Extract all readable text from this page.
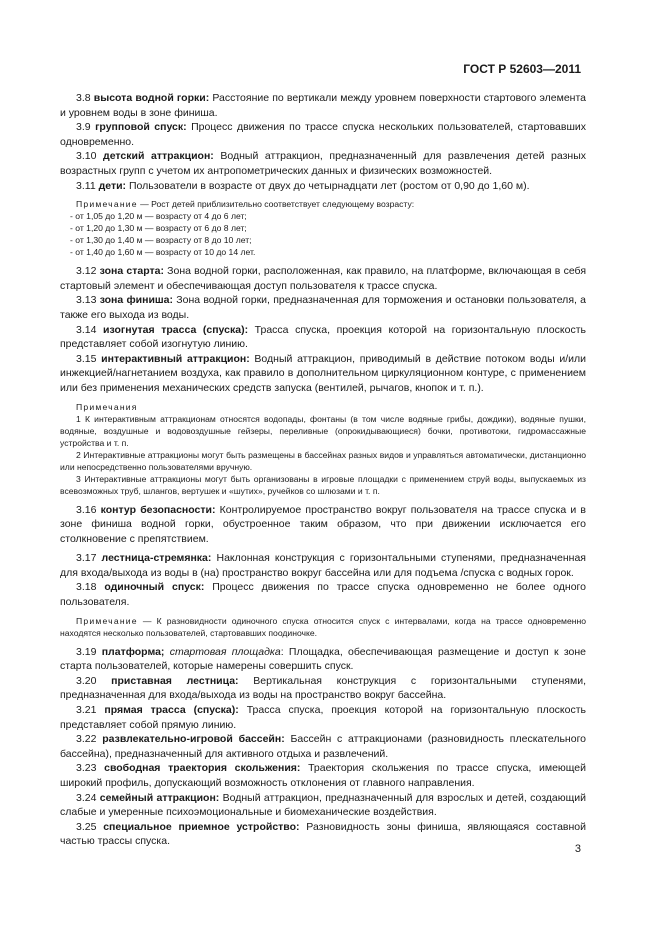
ГОСТ Р 52603—2011

3.8 высота водной горки: Расстояние по вертикали между уровнем поверхности стартового элемента и уровнем воды в зоне финиша.

3.9 групповой спуск: Процесс движения по трассе спуска нескольких пользователей, стартовавших одновременно.

3.10 детский аттракцион: Водный аттракцион, предназначенный для развлечения детей разных возрастных групп с учетом их антропометрических данных и физических возможностей.

3.11 дети: Пользователи в возрасте от двух до четырнадцати лет (ростом от 0,90 до 1,60 м).

Примечание — Рост детей приблизительно соответствует следующему возрасту:

- от 1,05 до 1,20 м — возрасту от 4 до 6 лет;
- от 1,20 до 1,30 м — возрасту от 6 до 8 лет;
- от 1,30 до 1,40 м — возрасту от 8 до 10 лет;
- от 1,40 до 1,60 м — возрасту от 10 до 14 лет.

3.12 зона старта: Зона водной горки, расположенная, как правило, на платформе, включающая в себя стартовый элемент и обеспечивающая доступ пользователя к трассе спуска.

3.13 зона финиша: Зона водной горки, предназначенная для торможения и остановки пользователя, а также его выхода из воды.

3.14 изогнутая трасса (спуска): Трасса спуска, проекция которой на горизонтальную плоскость представляет собой изогнутую линию.

3.15 интерактивный аттракцион: Водный аттракцион, приводимый в действие потоком воды и/или инжекцией/нагнетанием воздуха, как правило в дополнительном циркуляционном контуре, с применением или без применения механических средств запуска (вентилей, рычагов, кнопок и т. п.).

Примечания

1 К интерактивным аттракционам относятся водопады, фонтаны (в том числе водяные грибы, дождики), водяные пушки, водяные, воздушные и водовоздушные гейзеры, переливные (опрокидывающиеся) бочки, противотоки, гидромассажные устройства и т. п.

2 Интерактивные аттракционы могут быть размещены в бассейнах разных видов и управляться автоматически, дистанционно или непосредственно пользователями вручную.

3 Интерактивные аттракционы могут быть организованы в игровые площадки с применением струй воды, выпускаемых из всевозможных труб, шлангов, вертушек и «шутих», ручейков со шлюзами и т. п.

3.16 контур безопасности: Контролируемое пространство вокруг пользователя на трассе спуска и в зоне финиша водной горки, обустроенное таким образом, что при движении исключается его столкновение с препятствием.

3.17 лестница-стремянка: Наклонная конструкция с горизонтальными ступенями, предназначенная для входа/выхода из воды в (на) пространство вокруг бассейна или для подъема /спуска с водных горок.

3.18 одиночный спуск: Процесс движения по трассе спуска одновременно не более одного пользователя.

Примечание — К разновидности одиночного спуска относится спуск с интервалами, когда на трассе одновременно находятся несколько пользователей, стартовавших поодиночке.

3.19 платформа; стартовая площадка: Площадка, обеспечивающая размещение и доступ к зоне старта пользователей, которые намерены совершить спуск.

3.20 приставная лестница: Вертикальная конструкция с горизонтальными ступенями, предназначенная для входа/выхода из воды на пространство вокруг бассейна.

3.21 прямая трасса (спуска): Трасса спуска, проекция которой на горизонтальную плоскость представляет собой прямую линию.

3.22 развлекательно-игровой бассейн: Бассейн с аттракционами (разновидность плескательного бассейна), предназначенный для активного отдыха и развлечений.

3.23 свободная траектория скольжения: Траектория скольжения по трассе спуска, имеющей широкий профиль, допускающий возможность отклонения от главного направления.

3.24 семейный аттракцион: Водный аттракцион, предназначенный для взрослых и детей, создающий слабые и умеренные психоэмоциональные и биомеханические воздействия.

3.25 специальное приемное устройство: Разновидность зоны финиша, являющаяся составной частью трассы спуска.

3
